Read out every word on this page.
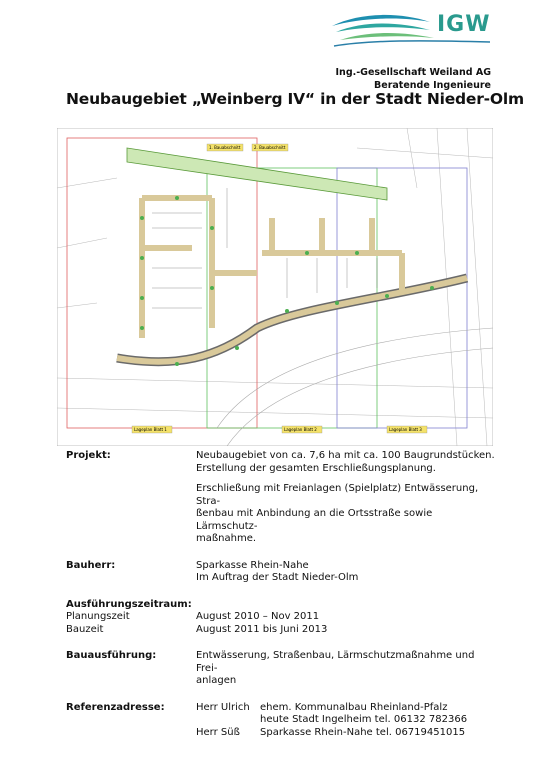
IGW
Ing.-Gesellschaft Weiland AG
Beratende Ingenieure
Neubaugebiet „Weinberg IV“ in der Stadt Nieder-Olm
1. Bauabschnitt	2. Bauabschnitt
Lageplan Blatt 1	Lageplan Blatt 2	Lageplan Blatt 3
Projekt:	Neubaugebiet von ca. 7,6 ha mit ca. 100 Baugrundstücken.
Erstellung der gesamten Erschließungsplanung.
Erschließung mit Freianlagen (Spielplatz) Entwässerung, Stra-
ßenbau mit Anbindung an die Ortsstraße sowie Lärmschutz-
maßnahme.
Bauherr:	Sparkasse Rhein-Nahe
Im Auftrag der Stadt Nieder-Olm
Ausführungszeitraum:
Planungszeit	August 2010 – Nov 2011
Bauzeit	August 2011 bis Juni 2013
Bauausführung:	Entwässerung, Straßenbau, Lärmschutzmaßnahme und Frei-
anlagen
Referenzadresse:	Herr Ulrich ehem. Kommunalbau Rheinland-Pfalz
heute Stadt Ingelheim tel. 06132 782366
Herr Süß Sparkasse Rhein-Nahe tel. 06719451015
